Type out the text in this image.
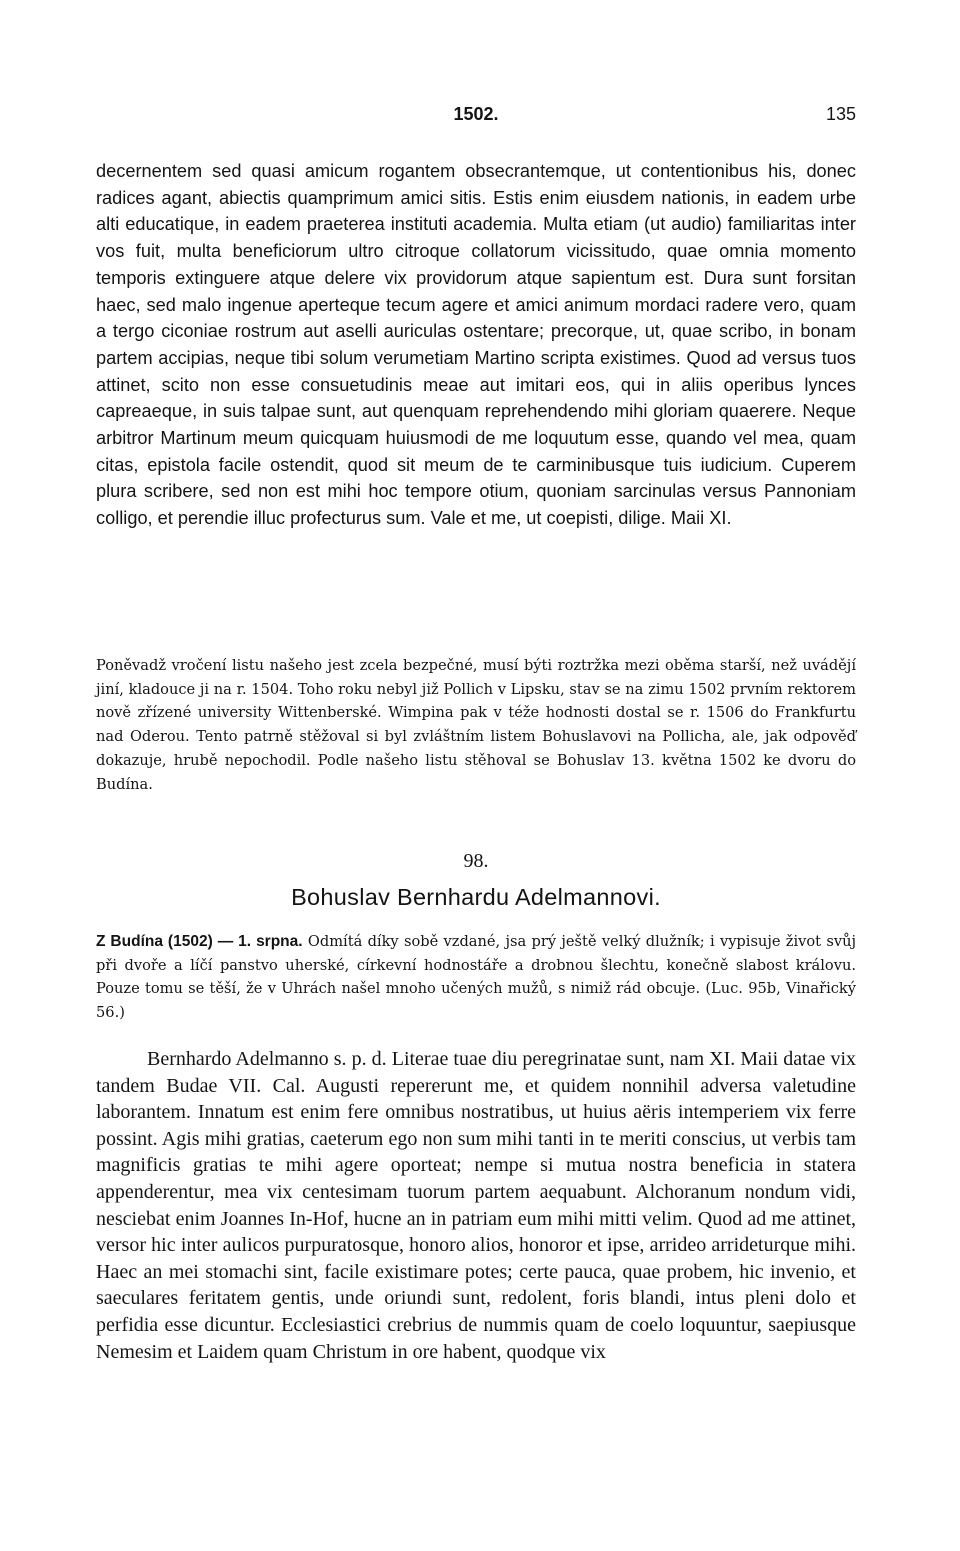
1502.	135

decernentem sed quasi amicum rogantem obsecrantemque, ut contentionibus his, donec radices agant, abiectis quamprimum amici sitis. Estis enim eiusdem nationis, in eadem urbe alti educatique, in eadem praeterea instituti academia. Multa etiam (ut audio) familiaritas inter vos fuit, multa beneficiorum ultro citroque collatorum vicissitudo, quae omnia momento temporis extinguere atque delere vix providorum atque sapientum est. Dura sunt forsitan haec, sed malo ingenue aperteque tecum agere et amici animum mordaci radere vero, quam a tergo ciconiae rostrum aut aselli auriculas ostentare; precorque, ut, quae scribo, in bonam partem accipias, neque tibi solum verumetiam Martino scripta existimes. Quod ad versus tuos attinet, scito non esse consuetudinis meae aut imitari eos, qui in aliis operibus lynces capreaeque, in suis talpae sunt, aut quenquam reprehendendo mihi gloriam quaerere. Neque arbitror Martinum meum quicquam huiusmodi de me loquutum esse, quando vel mea, quam citas, epistola facile ostendit, quod sit meum de te carminibusque tuis iudicium. Cuperem plura scribere, sed non est mihi hoc tempore otium, quoniam sarcinulas versus Pannoniam colligo, et perendie illuc profecturus sum. Vale et me, ut coepisti, dilige. Maii XI.

Poněvadž vročení listu našeho jest zcela bezpečné, musí býti roztržka mezi oběma starší, než uvádějí jiní, kladouce ji na r. 1504. Toho roku nebyl již Pollich v Lipsku, stav se na zimu 1502 prvním rektorem nově zřízené university Wittenberské. Wimpina pak v téže hodnosti dostal se r. 1506 do Frankfurtu nad Oderou. Tento patrně stěžoval si byl zvláštním listem Bohuslavovi na Pollicha, ale, jak odpověď dokazuje, hrubě nepochodil. Podle našeho listu stěhoval se Bohuslav 13. května 1502 ke dvoru do Budína.

98.
Bohuslav Bernhardu Adelmannovi.

Z Budína (1502) — 1. srpna. Odmítá díky sobě vzdané, jsa prý ještě velký dlužník; i vypisuje život svůj při dvoře a líčí panstvo uherské, církevní hodnostáře a drobnou šlechtu, konečně slabost královu. Pouze tomu se těší, že v Uhrách našel mnoho učených mužů, s nimiž rád obcuje. (Luc. 95b, Vinařický 56.)

Bernhardo Adelmanno s. p. d. Literae tuae diu peregrinatae sunt, nam XI. Maii datae vix tandem Budae VII. Cal. Augusti repererunt me, et quidem nonnihil adversa valetudine laborantem. Innatum est enim fere omnibus nostratibus, ut huius aëris intemperiem vix ferre possint. Agis mihi gratias, caeterum ego non sum mihi tanti in te meriti conscius, ut verbis tam magnificis gratias te mihi agere oporteat; nempe si mutua nostra beneficia in statera appenderentur, mea vix centesimam tuorum partem aequabunt. Alchoranum nondum vidi, nesciebat enim Joannes In-Hof, hucne an in patriam eum mihi mitti velim. Quod ad me attinet, versor hic inter aulicos purpuratosque, honoro alios, honoror et ipse, arrideo arrideturque mihi. Haec an mei stomachi sint, facile existimare potes; certe pauca, quae probem, hic invenio, et saeculares feritatem gentis, unde oriundi sunt, redolent, foris blandi, intus pleni dolo et perfidia esse dicuntur. Ecclesiastici crebrius de nummis quam de coelo loquuntur, saepiusque Nemesim et Laidem quam Christum in ore habent, quodque vix
